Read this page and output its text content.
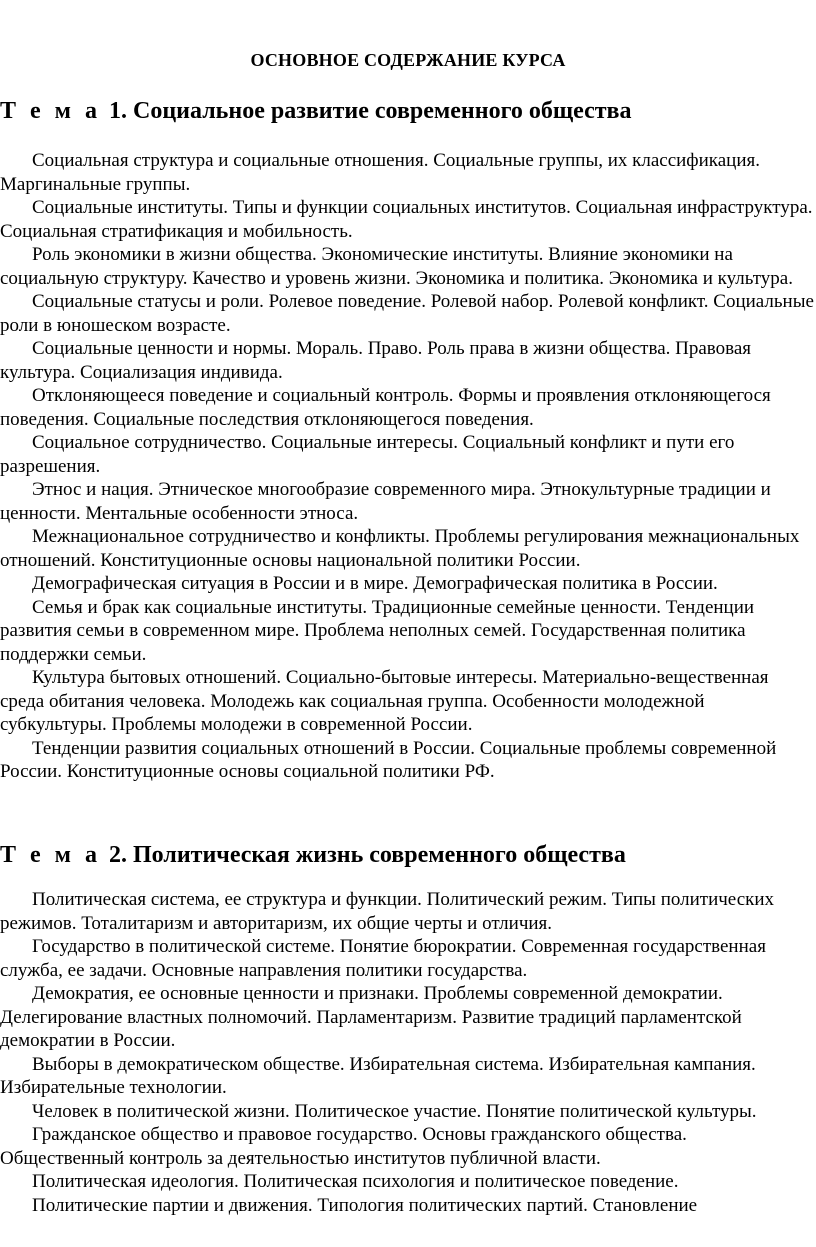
ОСНОВНОЕ СОДЕРЖАНИЕ КУРСА
Т е м а 1. Социальное развитие современного общества

Социальная структура и социальные отношения. Социальные группы, их классификация. Маргинальные группы.

Социальные институты. Типы и функции социальных институтов. Социальная инфраструктура. Социальная стратификация и мобильность.

Роль экономики в жизни общества. Экономические институты. Влияние экономики на социальную структуру. Качество и уровень жизни. Экономика и политика. Экономика и культура.

Социальные статусы и роли. Ролевое поведение. Ролевой набор. Ролевой конфликт. Социальные роли в юношеском возрасте.

Социальные ценности и нормы. Мораль. Право. Роль права в жизни общества. Правовая культура. Социализация индивида.

Отклоняющееся поведение и социальный контроль. Формы и проявления отклоняющегося поведения. Социальные последствия отклоняющегося поведения.

Социальное сотрудничество. Социальные интересы. Социальный конфликт и пути его разрешения.

Этнос и нация. Этническое многообразие современного мира. Этнокультурные традиции и ценности. Ментальные особенности этноса.

Межнациональное сотрудничество и конфликты. Проблемы регулирования межнациональных отношений. Конституционные основы национальной политики России.

Демографическая ситуация в России и в мире. Демографическая политика в России.

Семья и брак как социальные институты. Традиционные семейные ценности. Тенденции развития семьи в современном мире. Проблема неполных семей. Государственная политика поддержки семьи.

Культура бытовых отношений. Социально-бытовые интересы. Материально-вещественная среда обитания человека. Молодежь как социальная группа. Особенности молодежной субкультуры. Проблемы молодежи в современной России.

Тенденции развития социальных отношений в России. Социальные проблемы современной России. Конституционные основы социальной политики РФ.

Т е м а 2. Политическая жизнь современного общества

Политическая система, ее структура и функции. Политический режим. Типы политических режимов. Тоталитаризм и авторитаризм, их общие черты и отличия.

Государство в политической системе. Понятие бюрократии. Современная государственная служба, ее задачи. Основные направления политики государства.

Демократия, ее основные ценности и признаки. Проблемы современной демократии. Делегирование властных полномочий. Парламентаризм. Развитие традиций парламентской демократии в России.

Выборы в демократическом обществе. Избирательная система. Избирательная кампания. Избирательные технологии.

Человек в политической жизни. Политическое участие. Понятие политической культуры.

Гражданское общество и правовое государство. Основы гражданского общества. Общественный контроль за деятельностью институтов публичной власти.

Политическая идеология. Политическая психология и политическое поведение.

Политические партии и движения. Типология политических партий. Становление
